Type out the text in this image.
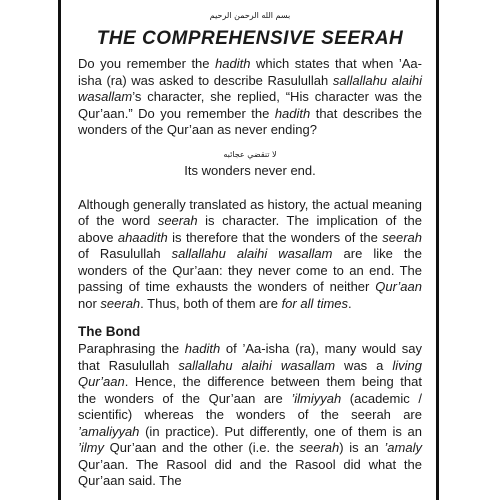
بسم الله الرحمن الرحيم

THE COMPREHENSIVE SEERAH

Do you remember the hadith which states that when ’Aa-isha (ra) was asked to describe Rasulullah sallallahu alaihi wasallam’s character, she replied, “His character was the Qur’aan.” Do you remember the hadith that describes the wonders of the Qur’aan as never ending?

لا تنقضي عجائبه

Its wonders never end.

Although generally translated as history, the actual meaning of the word seerah is character. The implication of the above ahaadith is therefore that the wonders of the seerah of Rasulullah sallallahu alaihi wasallam are like the wonders of the Qur’aan: they never come to an end. The passing of time exhausts the wonders of neither Qur’aan nor seerah. Thus, both of them are for all times.

The Bond

Paraphrasing the hadith of ’Aa-isha (ra), many would say that Rasulullah sallallahu alaihi wasallam was a living Qur’aan. Hence, the difference between them being that the wonders of the Qur’aan are ’ilmiyyah (academic / scientific) whereas the wonders of the seerah are ’amaliyyah (in practice). Put differently, one of them is an ’ilmy Qur’aan and the other (i.e. the seerah) is an ’amaly Qur’aan. The Rasool did and the Rasool did what the Qur’aan said. The
